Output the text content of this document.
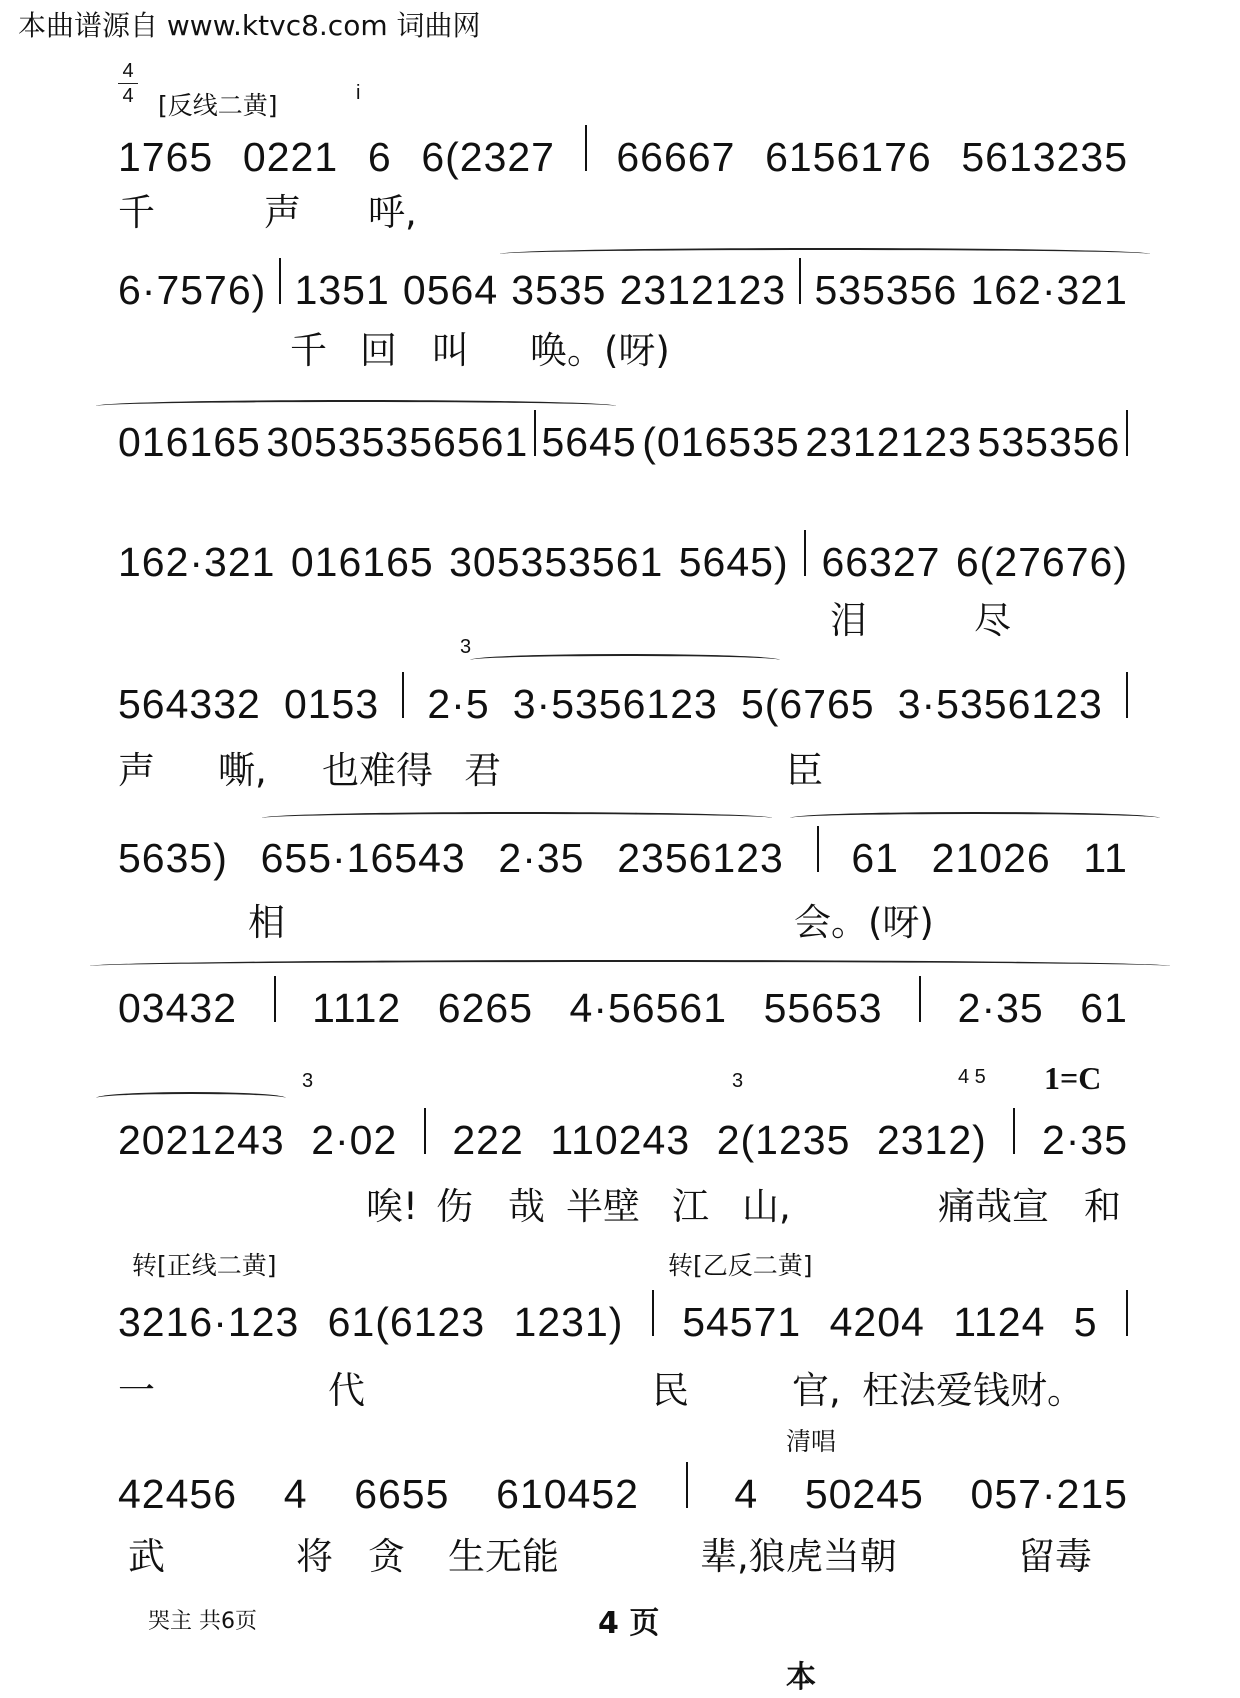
本曲谱源自 www.ktvc8.com 词曲网
4
4 [反线二黄]	i
1765 0221 6 6(2327 66667 6156176 5613235
千	声 呼,
6·7576) 1351 0564 3535 2312123 535356 162·321
千 回 叫 唤。(呀)
016165 30535356561 5645 (016535 2312123 535356
162·321 016165 305353561 5645) 66327 6(27676)
泪	尽
3
564332 0153 2·5 3·5356123 5(6765 3·5356123
声 嘶, 也难得 君	臣
5635) 655·16543 2·35 2356123 61 21026 11
相	会。(呀)
03432 1112 6265 4·56561 55653 2·35 61
3	3	4 5 1=C
2021243 2·02 222 110243 2(1235 2312) 2·35
唉! 伤 哉 半壁 江 山,	痛哉宣 和
转[正线二黄]	转[乙反二黄]
3216·123 61(6123 1231) 54571 4204 1124 5
一	代	民	官, 枉法爱钱财。
清唱
42456 4 6655 610452 4 50245 057·215
武	将 贪 生无能	辈,狼虎当朝	留毒
哭主 共6页	4 页
本
